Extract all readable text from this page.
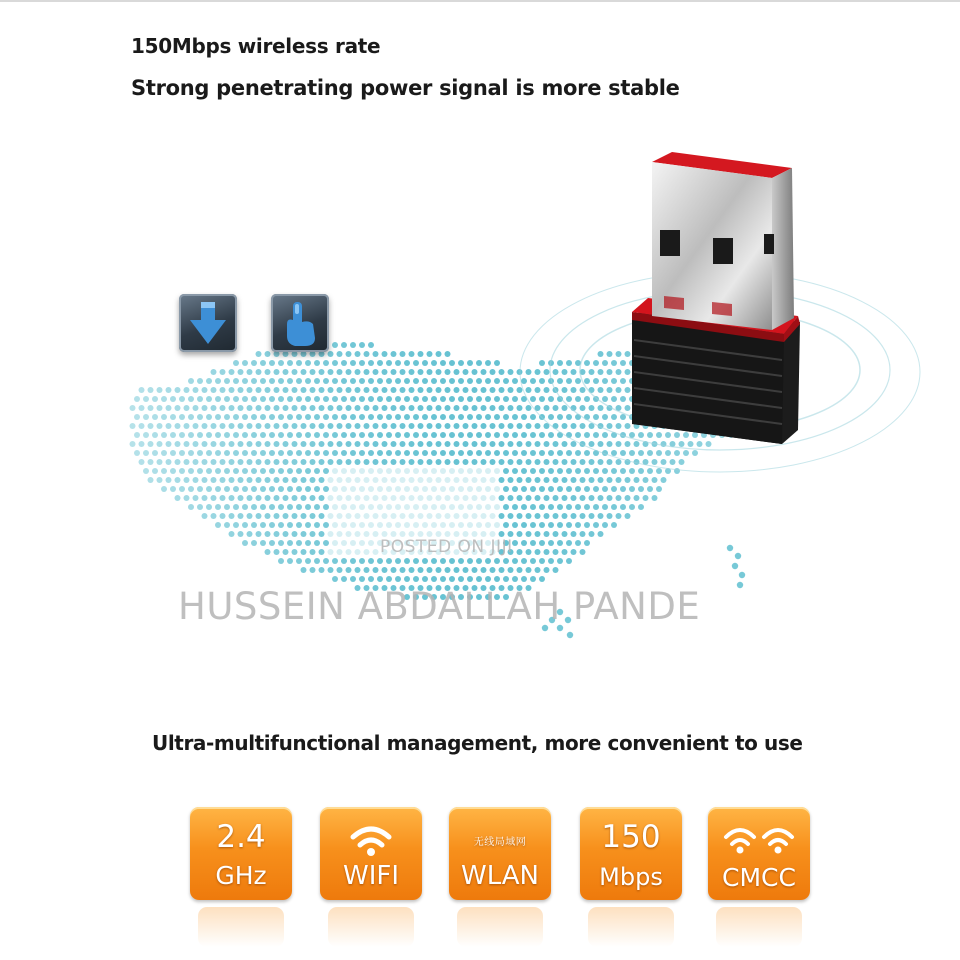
150Mbps wireless rate
Strong penetrating power signal is more stable

POSTED ON JIJI

HUSSEIN ABDALLAH PANDE

Ultra-multifunctional management, more convenient to use

2.4

GHz	WIFI

无线局域网

WLAN

150

Mbps	CMCC
